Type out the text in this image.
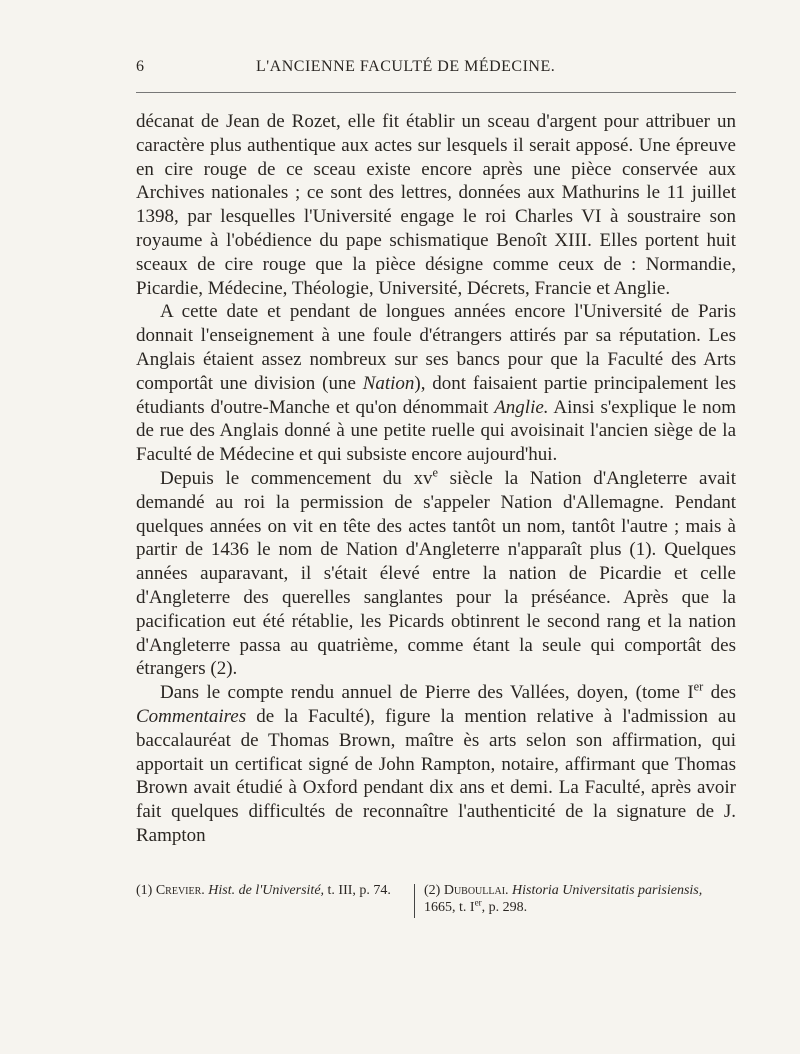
6	L'ANCIENNE FACULTÉ DE MÉDECINE.

décanat de Jean de Rozet, elle fit établir un sceau d'argent pour attribuer un caractère plus authentique aux actes sur lesquels il serait apposé. Une épreuve en cire rouge de ce sceau existe encore après une pièce conservée aux Archives nationales ; ce sont des lettres, données aux Mathurins le 11 juillet 1398, par lesquelles l'Université engage le roi Charles VI à soustraire son royaume à l'obédience du pape schismatique Benoît XIII. Elles portent huit sceaux de cire rouge que la pièce désigne comme ceux de : Normandie, Picardie, Médecine, Théologie, Université, Décrets, Francie et Anglie.

A cette date et pendant de longues années encore l'Université de Paris donnait l'enseignement à une foule d'étrangers attirés par sa réputation. Les Anglais étaient assez nombreux sur ses bancs pour que la Faculté des Arts comportât une division (une Nation), dont faisaient partie principalement les étudiants d'outre-Manche et qu'on dénommait Anglie. Ainsi s'explique le nom de rue des Anglais donné à une petite ruelle qui avoisinait l'ancien siège de la Faculté de Médecine et qui subsiste encore aujourd'hui.

Depuis le commencement du $xv^e$ siècle la Nation d'Angleterre avait demandé au roi la permission de s'appeler Nation d'Allemagne. Pendant quelques années on vit en tête des actes tantôt un nom, tantôt l'autre ; mais à partir de 1436 le nom de Nation d'Angleterre n'apparaît plus (1). Quelques années auparavant, il s'était élevé entre la nation de Picardie et celle d'Angleterre des querelles sanglantes pour la préséance. Après que la pacification eut été rétablie, les Picards obtinrent le second rang et la nation d'Angleterre passa au quatrième, comme étant la seule qui comportât des étrangers (2).

Dans le compte rendu annuel de Pierre des Vallées, doyen, (tome Ier des Commentaires de la Faculté), figure la mention relative à l'admission au baccalauréat de Thomas Brown, maître ès arts selon son affirmation, qui apportait un certificat signé de John Rampton, notaire, affirmant que Thomas Brown avait étudié à Oxford pendant dix ans et demi. La Faculté, après avoir fait quelques difficultés de reconnaître l'authenticité de la signature de J. Rampton

(1) Crevier. Hist. de l'Université, t. III, p. 74.	(2) Duboullai. Historia Universitatis parisiensis, 1665, t. Ier, p. 298.
